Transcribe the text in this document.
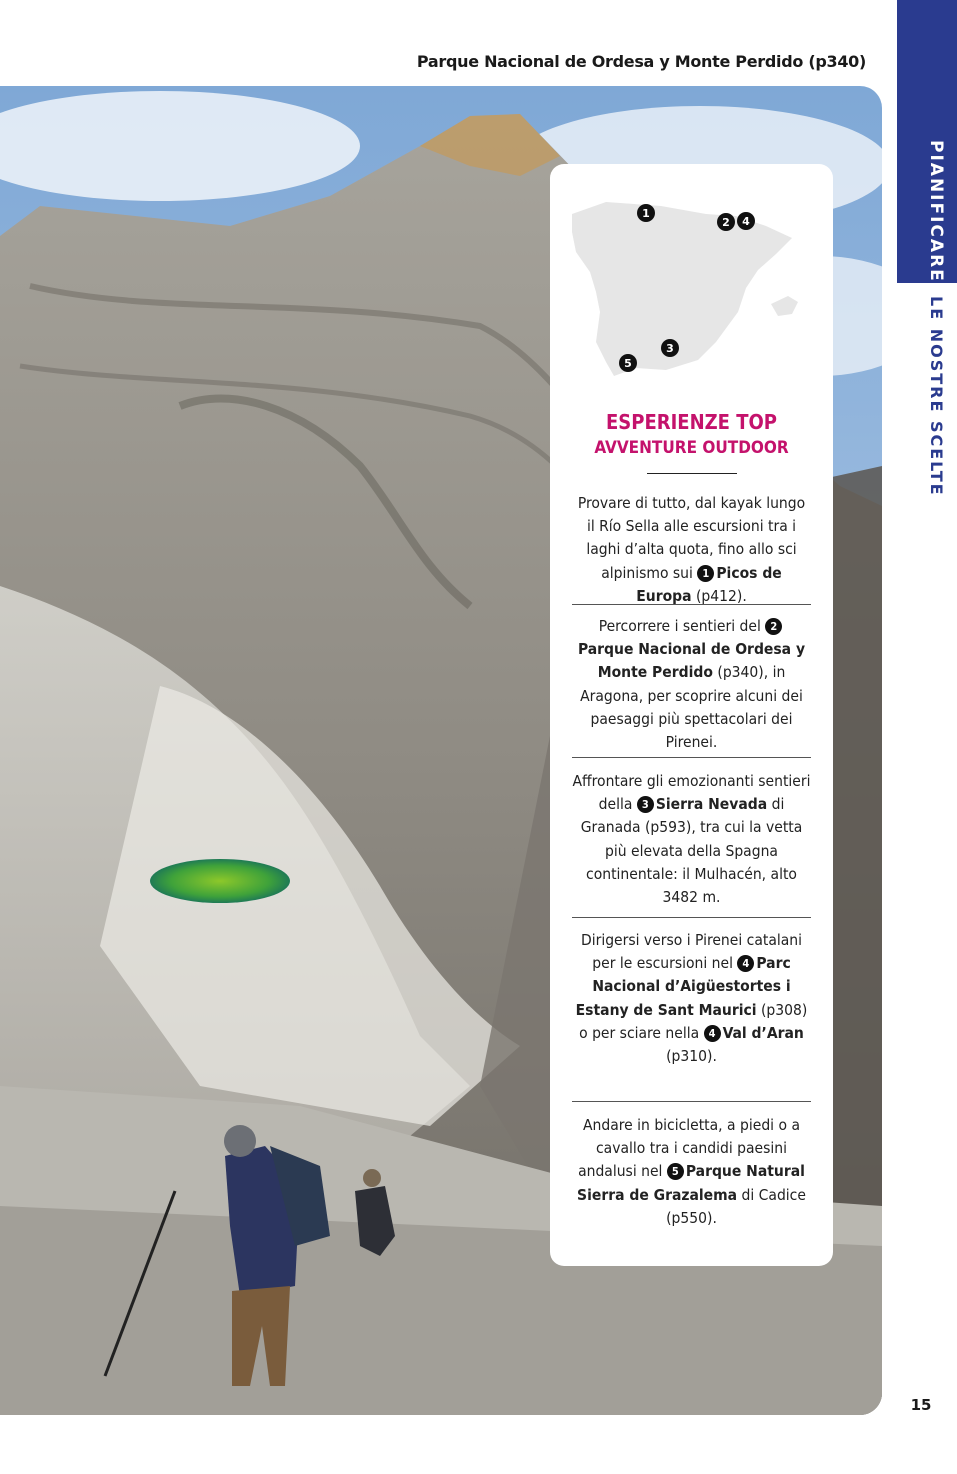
Parque Nacional de Ordesa y Monte Perdido (p340)
PIANIFICARE
LE NOSTRE SCELTE
15
1
2 4
3
5
ESPERIENZE TOP
AVVENTURE OUTDOOR
Provare di tutto, dal kayak lungo il Río Sella alle escursioni tra i laghi d’alta quota, fino allo sci alpinismo sui 1 Picos de Europa (p412).
Percorrere i sentieri del 2Parque Nacional de Ordesa y Monte Perdido (p340), in Aragona, per scoprire alcuni dei paesaggi più spettacolari dei Pirenei.
Affrontare gli emozionanti sentieri della 3 Sierra Nevada di Granada (p593), tra cui la vetta più elevata della Spagna continentale: il Mulhacén, alto 3482 m.
Dirigersi verso i Pirenei catalani per le escursioni nel 4 Parc Nacional d’Aigüestortes i Estany de Sant Maurici (p308) o per sciare nella 4 Val d’Aran (p310).
Andare in bicicletta, a piedi o a cavallo tra i candidi paesini andalusi nel 5 Parque Natural Sierra de Grazalema di Cadice (p550).
